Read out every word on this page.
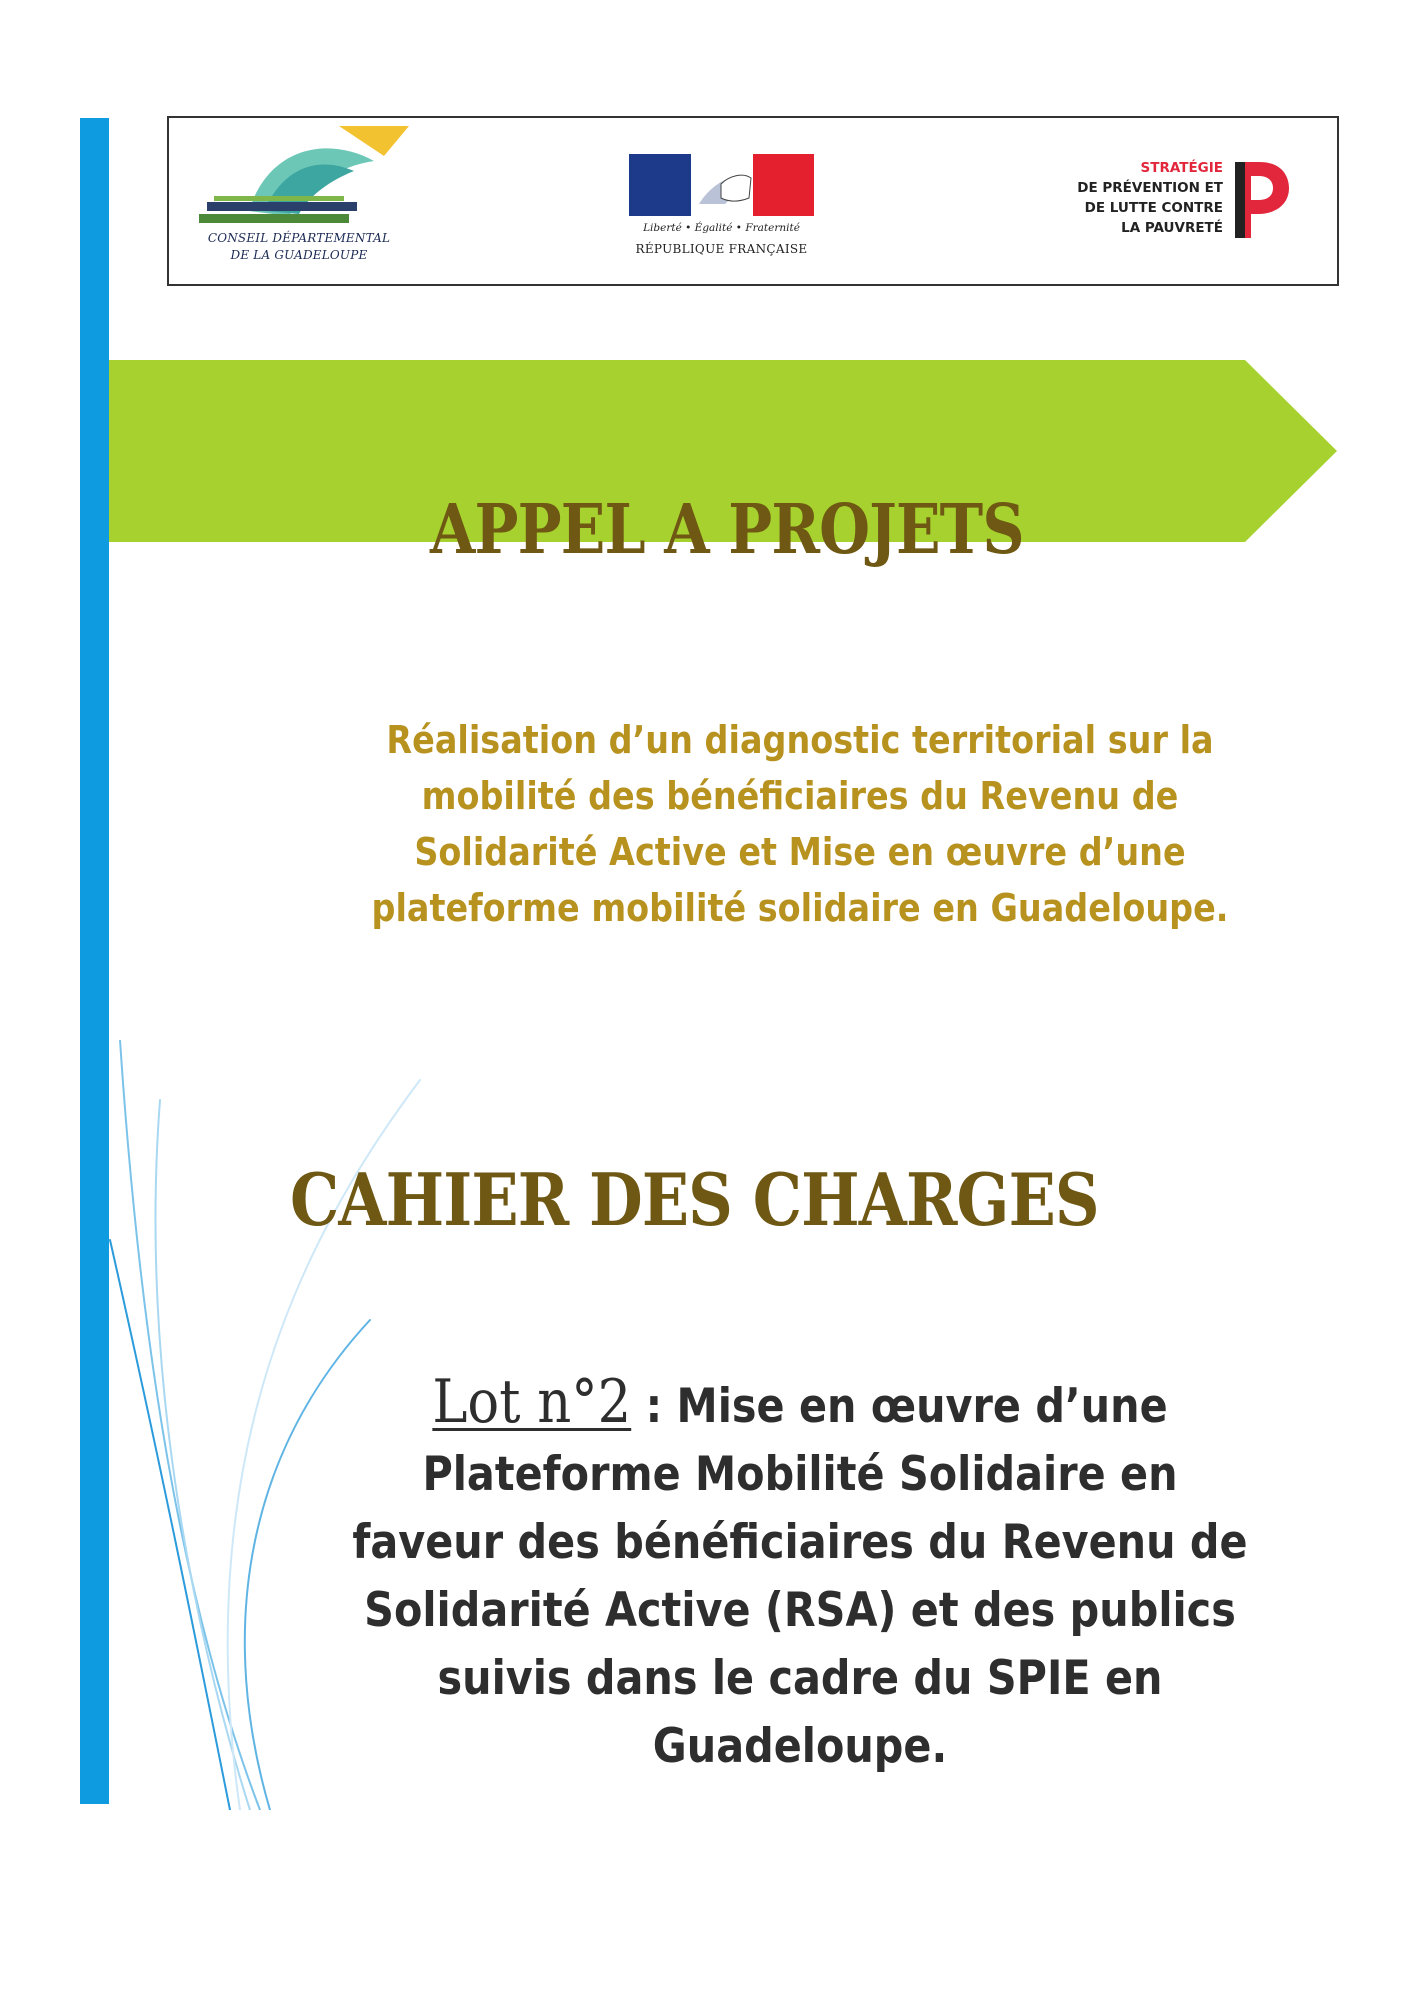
CONSEIL DÉPARTEMENTAL
DE LA GUADELOUPE
Liberté • Égalité • Fraternité
RÉPUBLIQUE FRANÇAISE
STRATÉGIE
DE PRÉVENTION ET
DE LUTTE CONTRE
LA PAUVRETÉ
APPEL A PROJETS

Réalisation d’un diagnostic territorial sur la mobilité des bénéficiaires du Revenu de Solidarité Active et Mise en œuvre d’une plateforme mobilité solidaire en Guadeloupe.

CAHIER DES CHARGES

Lot n°2 : Mise en œuvre d’une Plateforme Mobilité Solidaire en faveur des bénéficiaires du Revenu de Solidarité Active (RSA) et des publics suivis dans le cadre du SPIE en Guadeloupe.
